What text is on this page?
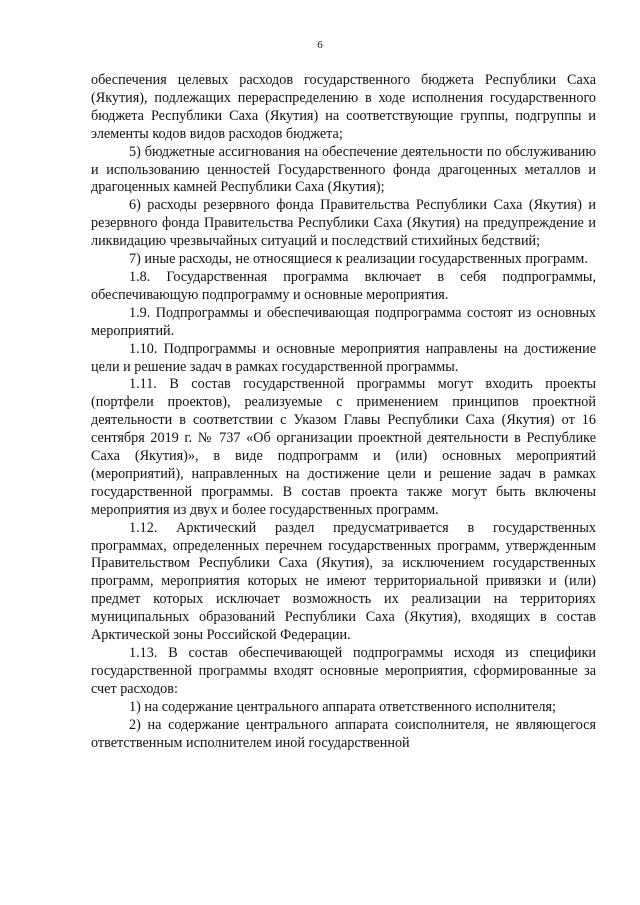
6

обеспечения целевых расходов государственного бюджета Республики Саха (Якутия), подлежащих перераспределению в ходе исполнения государственного бюджета Республики Саха (Якутия) на соответствующие группы, подгруппы и элементы кодов видов расходов бюджета;

5) бюджетные ассигнования на обеспечение деятельности по обслуживанию и использованию ценностей Государственного фонда драгоценных металлов и драгоценных камней Республики Саха (Якутия);

6) расходы резервного фонда Правительства Республики Саха (Якутия) и резервного фонда Правительства Республики Саха (Якутия) на предупреждение и ликвидацию чрезвычайных ситуаций и последствий стихийных бедствий;

7) иные расходы, не относящиеся к реализации государственных программ.

1.8. Государственная программа включает в себя подпрограммы, обеспечивающую подпрограмму и основные мероприятия.

1.9. Подпрограммы и обеспечивающая подпрограмма состоят из основных мероприятий.

1.10. Подпрограммы и основные мероприятия направлены на достижение цели и решение задач в рамках государственной программы.

1.11. В состав государственной программы могут входить проекты (портфели проектов), реализуемые с применением принципов проектной деятельности в соответствии с Указом Главы Республики Саха (Якутия) от 16 сентября 2019 г. № 737 «Об организации проектной деятельности в Республике Саха (Якутия)», в виде подпрограмм и (или) основных мероприятий (мероприятий), направленных на достижение цели и решение задач в рамках государственной программы. В состав проекта также могут быть включены мероприятия из двух и более государственных программ.

1.12. Арктический раздел предусматривается в государственных программах, определенных перечнем государственных программ, утвержденным Правительством Республики Саха (Якутия), за исключением государственных программ, мероприятия которых не имеют территориальной привязки и (или) предмет которых исключает возможность их реализации на территориях муниципальных образований Республики Саха (Якутия), входящих в состав Арктической зоны Российской Федерации.

1.13. В состав обеспечивающей подпрограммы исходя из специфики государственной программы входят основные мероприятия, сформированные за счет расходов:

1) на содержание центрального аппарата ответственного исполнителя;

2) на содержание центрального аппарата соисполнителя, не являющегося ответственным исполнителем иной государственной
